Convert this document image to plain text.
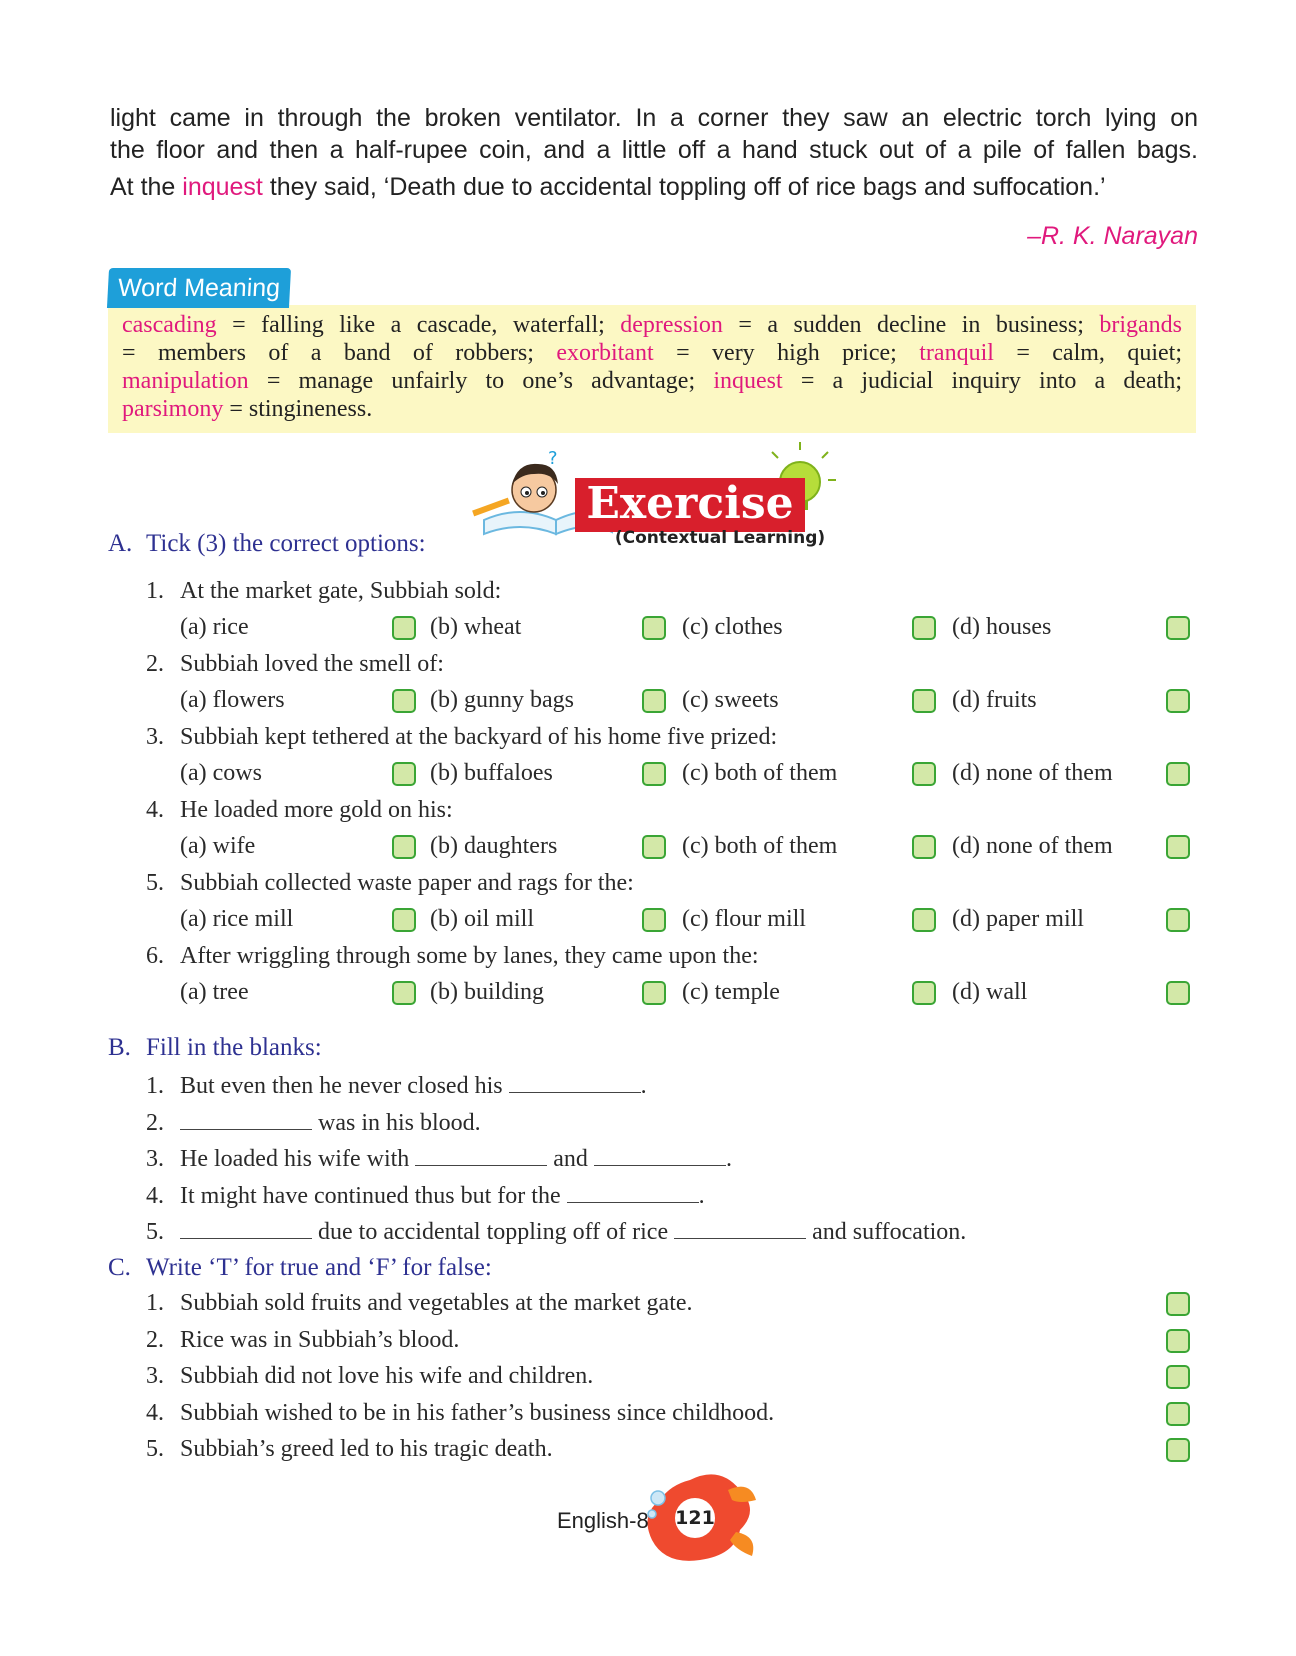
light came in through the broken ventilator. In a corner they saw an electric torch lying on
the floor and then a half-rupee coin, and a little off a hand stuck out of a pile of fallen bags.
At the inquest they said, ‘Death due to accidental toppling off of rice bags and suffocation.’
–R. K. Narayan
cascading = falling like a cascade, waterfall; depression = a sudden decline in business; brigands
= members of a band of robbers; exorbitant = very high price; tranquil = calm, quiet;
manipulation = manage unfairly to one’s advantage; inquest = a judicial inquiry into a death;
parsimony = stingineness.
Word Meaning
?
Exercise
(Contextual Learning)
A. Tick (3) the correct options:
1. At the market gate, Subbiah sold:
(a) rice	(b) wheat	(c) clothes	(d) houses
2. Subbiah loved the smell of:
(a) flowers	(b) gunny bags	(c) sweets	(d) fruits
3. Subbiah kept tethered at the backyard of his home five prized:
(a) cows	(b) buffaloes	(c) both of them	(d) none of them
4. He loaded more gold on his:
(a) wife	(b) daughters	(c) both of them	(d) none of them
5. Subbiah collected waste paper and rags for the:
(a) rice mill	(b) oil mill	(c) flour mill	(d) paper mill
6. After wriggling through some by lanes, they came upon the:
(a) tree	(b) building	(c) temple	(d) wall
B. Fill in the blanks:
1. But even then he never closed his	.
2.	was in his blood.
3. He loaded his wife with	and	.
4. It might have continued thus but for the	.
5.	due to accidental toppling off of rice	and suffocation.
C. Write ‘T’ for true and ‘F’ for false:
1. Subbiah sold fruits and vegetables at the market gate.
2. Rice was in Subbiah’s blood.
3. Subbiah did not love his wife and children.
4. Subbiah wished to be in his father’s business since childhood.
5. Subbiah’s greed led to his tragic death.
English-8 121
